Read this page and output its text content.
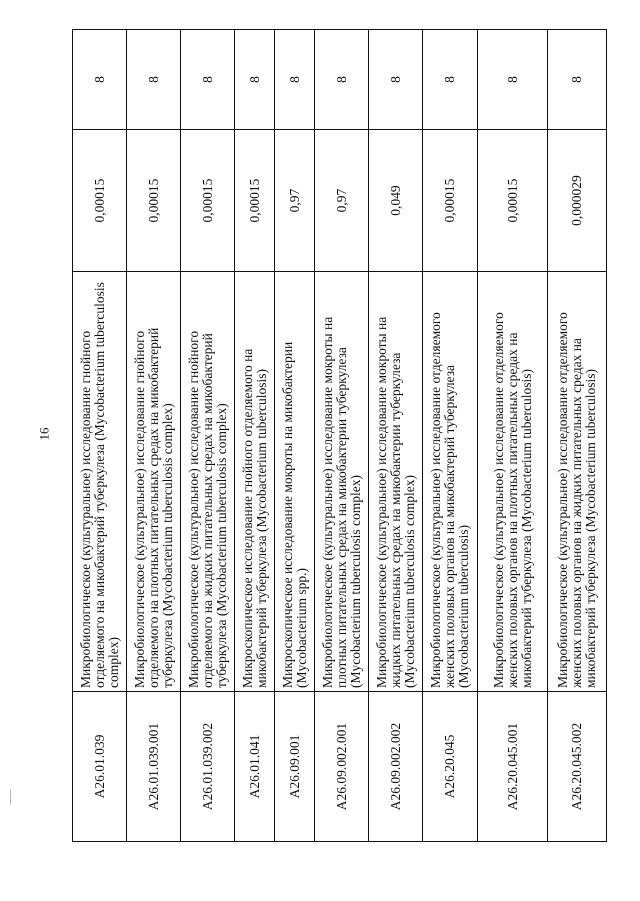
16
A26.01.039	Микробиологическое (культуральное) исследование гнойного отделяемого на микобактерий туберкулеза (Mycobacterium tuberculosis complex)	0,00015	8
A26.01.039.001	Микробиологическое (культуральное) исследование гнойного отделяемого на плотных питательных средах на микобактерий туберкулеза (Mycobacterium tuberculosis complex)	0,00015	8
A26.01.039.002	Микробиологическое (культуральное) исследование гнойного отделяемого на жидких питательных средах на микобактерий туберкулеза (Mycobacterium tuberculosis complex)	0,00015	8
A26.01.041	Микроскопическое исследование гнойного отделяемого на микобактерий туберкулеза (Mycobacterium tuberculosis)	0,00015	8
A26.09.001	Микроскопическое исследование мокроты на микобактерии (Mycobacterium spp.)	0,97	8
A26.09.002.001	Микробиологическое (культуральное) исследование мокроты на плотных питательных средах на микобактерии туберкулеза (Mycobacterium tuberculosis complex)	0,97	8
A26.09.002.002	Микробиологическое (культуральное) исследование мокроты на жидких питательных средах на микобактерии туберкулеза (Mycobacterium tuberculosis complex)	0,049	8
A26.20.045	Микробиологическое (культуральное) исследование отделяемого женских половых органов на микобактерий туберкулеза (Mycobacterium tuberculosis)	0,00015	8
A26.20.045.001	Микробиологическое (культуральное) исследование отделяемого женских половых органов на плотных питательных средах на микобактерий туберкулеза (Mycobacterium tuberculosis)	0,00015	8
A26.20.045.002	Микробиологическое (культуральное) исследование отделяемого женских половых органов на жидких питательных средах на микобактерий туберкулеза (Mycobacterium tuberculosis)	0,000029	8
